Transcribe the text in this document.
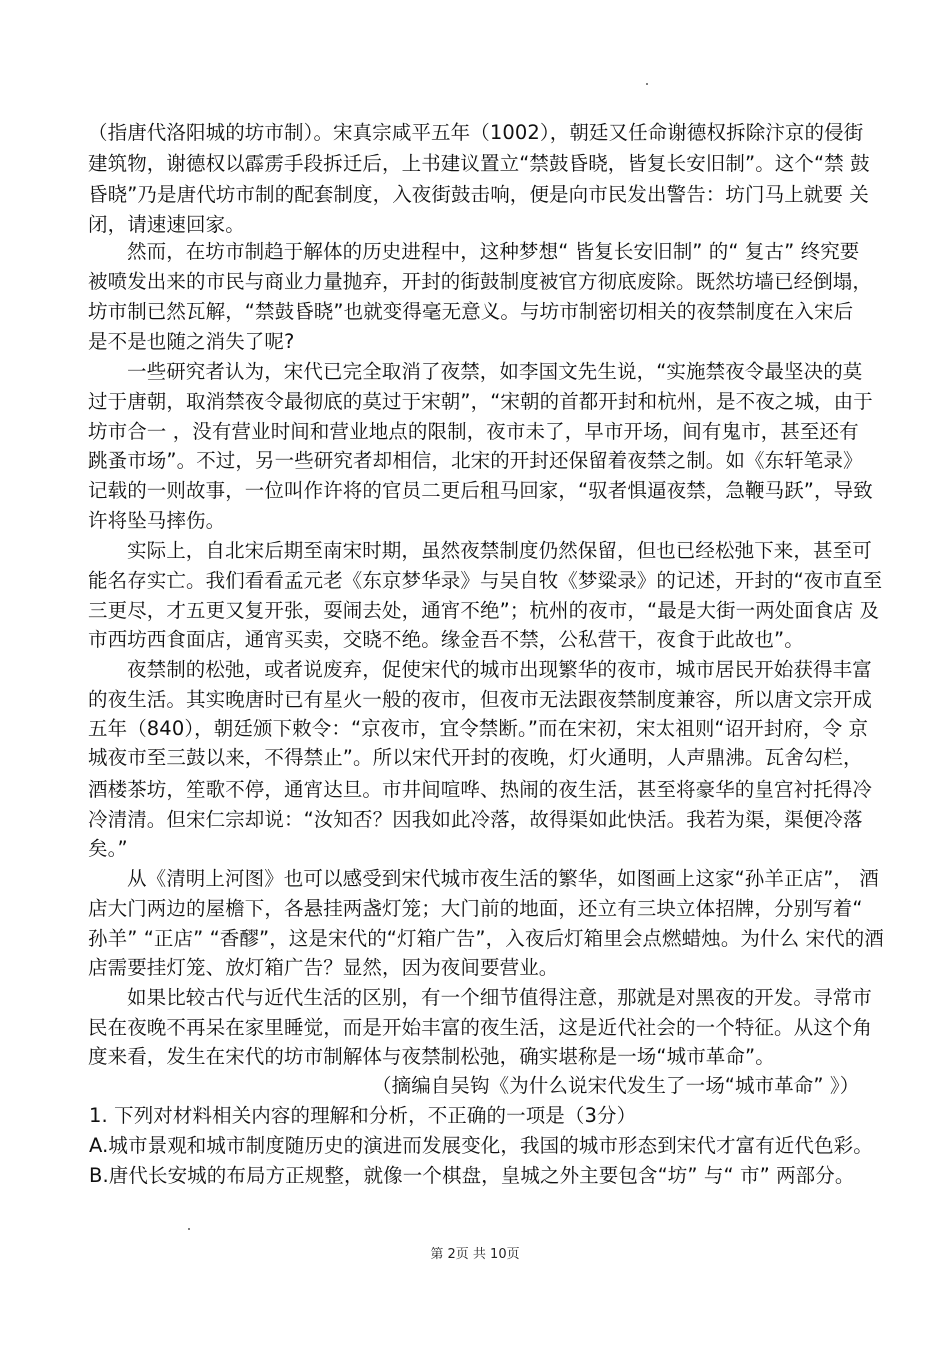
（指唐代洛阳城的坊市制）。宋真宗咸平五年（1002），朝廷又任命谢德权拆除汴京的侵街
建筑物，谢德权以霹雳手段拆迁后，上书建议置立“禁鼓昏晓，皆复长安旧制”。这个“禁 鼓
昏晓”乃是唐代坊市制的配套制度，入夜街鼓击响，便是向市民发出警告：坊门马上就要 关
闭，请速速回家。
然而，在坊市制趋于解体的历史进程中，这种梦想“ 皆复长安旧制” 的“ 复古” 终究要
被喷发出来的市民与商业力量抛弃，开封的街鼓制度被官方彻底废除。既然坊墙已经倒塌，
坊市制已然瓦解，“禁鼓昏晓”也就变得毫无意义。与坊市制密切相关的夜禁制度在入宋后
是不是也随之消失了呢?
一些研究者认为，宋代已完全取消了夜禁，如李国文先生说，“实施禁夜令最坚决的莫
过于唐朝，取消禁夜令最彻底的莫过于宋朝”，“宋朝的首都开封和杭州，是不夜之城，由于
坊市合一 ，没有营业时间和营业地点的限制，夜市未了，早市开场，间有鬼市，甚至还有
跳蚤市场”。不过，另一些研究者却相信，北宋的开封还保留着夜禁之制。如《东轩笔录》
记载的一则故事，一位叫作许将的官员二更后租马回家，“驭者惧逼夜禁，急鞭马跃”，导致
许将坠马摔伤。
实际上，自北宋后期至南宋时期，虽然夜禁制度仍然保留，但也已经松弛下来，甚至可
能名存实亡。我们看看孟元老《东京梦华录》与吴自牧《梦粱录》的记述，开封的“夜市直至
三更尽，才五更又复开张，耍闹去处，通宵不绝”；杭州的夜市，“最是大街一两处面食店 及
市西坊西食面店，通宵买卖，交晓不绝。缘金吾不禁，公私营干，夜食于此故也”。
夜禁制的松弛，或者说废弃，促使宋代的城市出现繁华的夜市，城市居民开始获得丰富
的夜生活。其实晚唐时已有星火一般的夜市，但夜市无法跟夜禁制度兼容，所以唐文宗开成
五年（840），朝廷颁下敕令：“京夜市，宜令禁断。”而在宋初，宋太祖则“诏开封府，令 京
城夜市至三鼓以来，不得禁止”。所以宋代开封的夜晚，灯火通明，人声鼎沸。瓦舍勾栏，
酒楼茶坊，笙歌不停，通宵达旦。市井间喧哗、热闹的夜生活，甚至将豪华的皇宫衬托得冷
冷清清。但宋仁宗却说：“汝知否？因我如此冷落，故得渠如此快活。我若为渠，渠便冷落
矣。”
从《清明上河图》也可以感受到宋代城市夜生活的繁华，如图画上这家“孙羊正店”， 酒
店大门两边的屋檐下，各悬挂两盏灯笼；大门前的地面，还立有三块立体招牌，分别写着“
孙羊” “正店” “香醪”，这是宋代的“灯箱广告”，入夜后灯箱里会点燃蜡烛。为什么 宋代的酒
店需要挂灯笼、放灯箱广告？显然，因为夜间要营业。
如果比较古代与近代生活的区别，有一个细节值得注意，那就是对黑夜的开发。寻常市
民在夜晚不再呆在家里睡觉，而是开始丰富的夜生活，这是近代社会的一个特征。从这个角
度来看，发生在宋代的坊市制解体与夜禁制松弛，确实堪称是一场“城市革命”。
（摘编自吴钩《为什么说宋代发生了一场“城市革命” 》）
1. 下列对材料相关内容的理解和分析，不正确的一项是（3分）
A.城市景观和城市制度随历史的演进而发展变化，我国的城市形态到宋代才富有近代色彩。
B.唐代长安城的布局方正规整，就像一个棋盘，皇城之外主要包含“坊” 与“ 市” 两部分。
第 2页 共 10页
